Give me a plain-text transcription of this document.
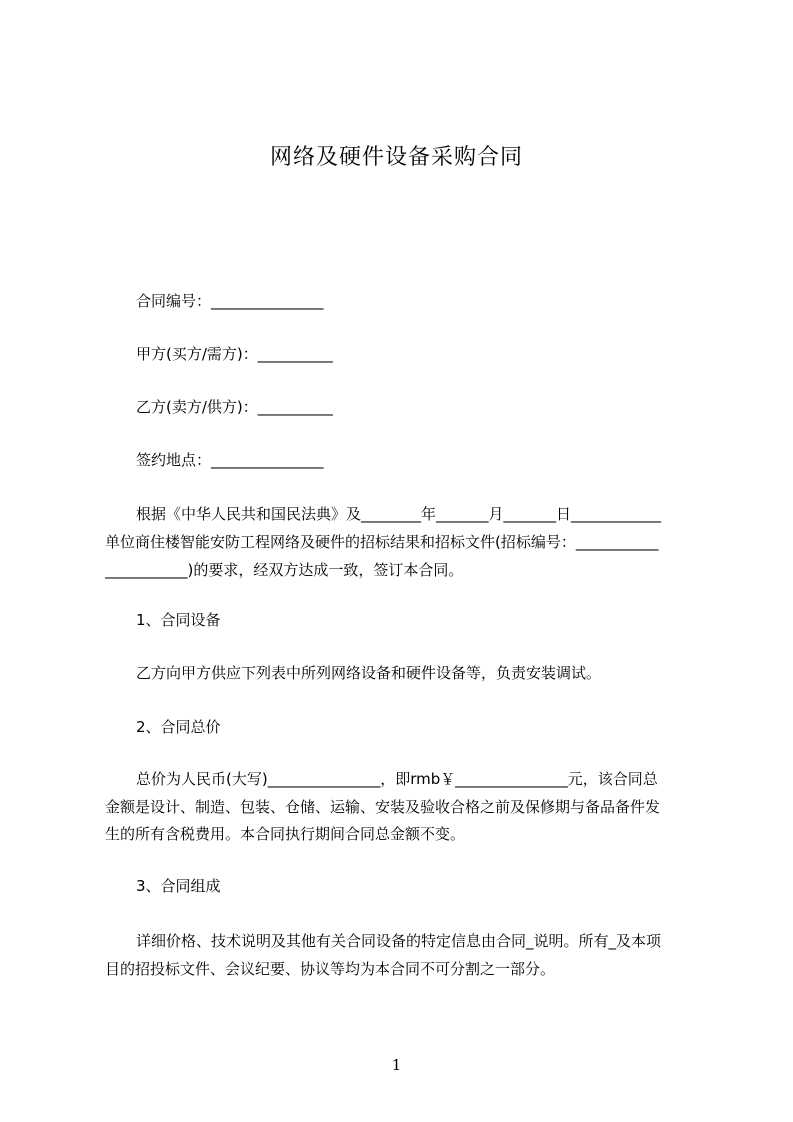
网络及硬件设备采购合同
合同编号：_______________
甲方(买方/需方)：__________
乙方(卖方/供方)：__________
签约地点：_______________
根据《中华人民共和国民法典》及________年_______月_______日____________
单位商住楼智能安防工程网络及硬件的招标结果和招标文件(招标编号：___________
___________)的要求，经双方达成一致，签订本合同。
1、合同设备
乙方向甲方供应下列表中所列网络设备和硬件设备等，负责安装调试。
2、合同总价
总价为人民币(大写)_______________，即rmb￥_______________元，该合同总
金额是设计、制造、包装、仓储、运输、安装及验收合格之前及保修期与备品备件发
生的所有含税费用。本合同执行期间合同总金额不变。
3、合同组成
详细价格、技术说明及其他有关合同设备的特定信息由合同_说明。所有_及本项
目的招投标文件、会议纪要、协议等均为本合同不可分割之一部分。
1
